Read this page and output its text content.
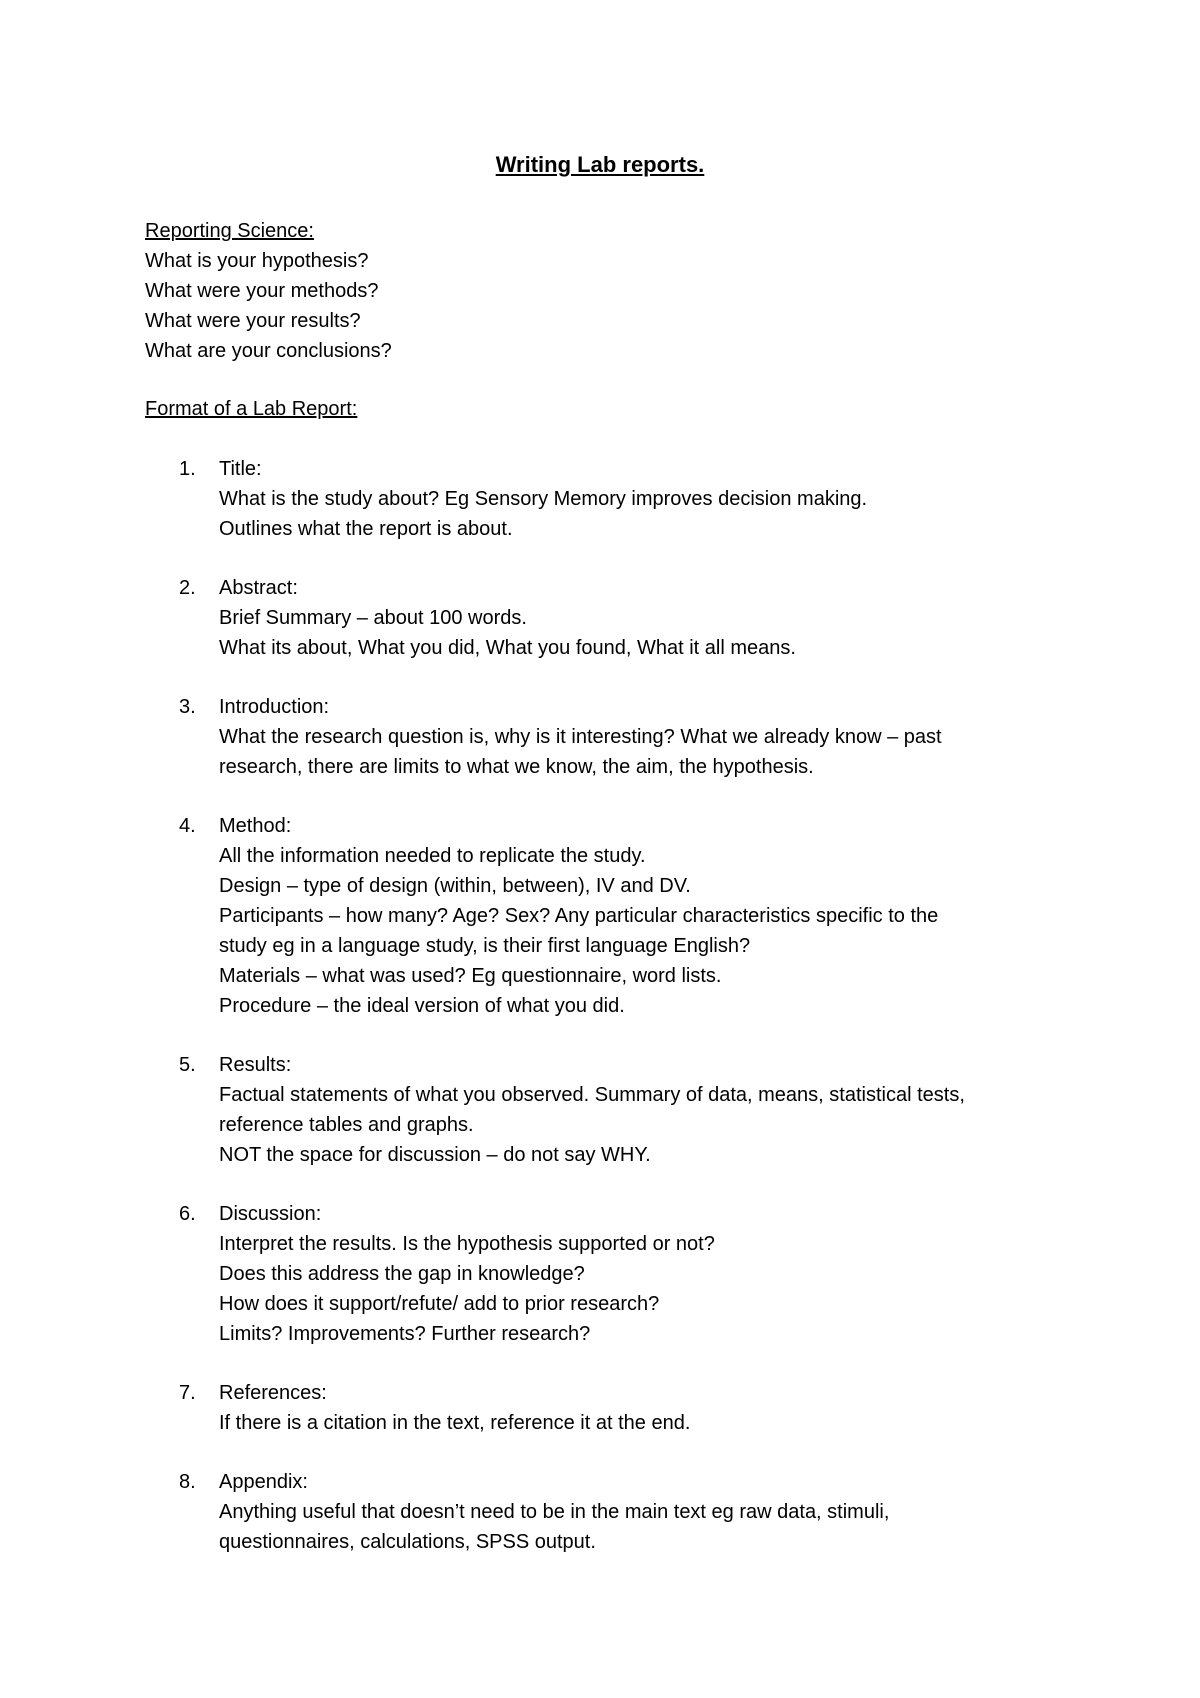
Writing Lab reports.
Reporting Science:
What is your hypothesis?
What were your methods?
What were your results?
What are your conclusions?
Format of a Lab Report:
1.	Title:
What is the study about? Eg Sensory Memory improves decision making.
Outlines what the report is about.
2.	Abstract:
Brief Summary – about 100 words.
What its about, What you did, What you found, What it all means.
3.	Introduction:
What the research question is, why is it interesting? What we already know – past
research, there are limits to what we know, the aim, the hypothesis.
4.	Method:
All the information needed to replicate the study.
Design – type of design (within, between), IV and DV.
Participants – how many? Age? Sex? Any particular characteristics specific to the
study eg in a language study, is their first language English?
Materials – what was used? Eg questionnaire, word lists.
Procedure – the ideal version of what you did.
5.	Results:
Factual statements of what you observed. Summary of data, means, statistical tests,
reference tables and graphs.
NOT the space for discussion – do not say WHY.
6.	Discussion:
Interpret the results. Is the hypothesis supported or not?
Does this address the gap in knowledge?
How does it support/refute/ add to prior research?
Limits? Improvements? Further research?
7.	References:
If there is a citation in the text, reference it at the end.
8.	Appendix:
Anything useful that doesn’t need to be in the main text eg raw data, stimuli,
questionnaires, calculations, SPSS output.
